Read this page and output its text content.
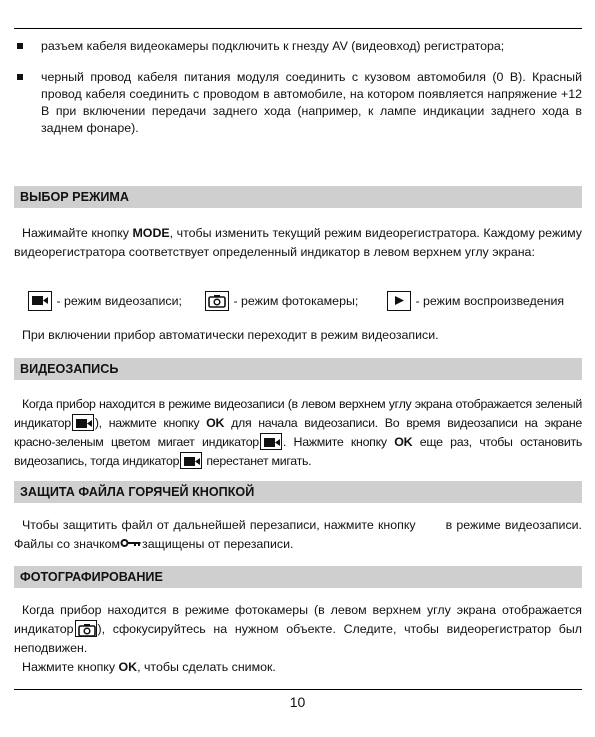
разъем кабеля видеокамеры подключить к гнезду AV (видеовход) регистратора;
черный провод кабеля питания модуля соединить с кузовом автомобиля (0 В). Красный провод кабеля соединить с проводом в автомобиле, на котором появляется напряжение +12 В при включении передачи заднего хода (например, к лампе индикации заднего хода в заднем фонаре).
ВЫБОР РЕЖИМА

Нажимайте кнопку MODE, чтобы изменить текущий режим видеорегистратора. Каждому режиму видеорегистратора соответствует определенный индикатор в левом верхнем углу экрана:

- режим видеозаписи;	- режим фотокамеры;	- режим воспроизведения

При включении прибор автоматически переходит в режим видеозаписи.

ВИДЕОЗАПИСЬ

Когда прибор находится в режиме видеозаписи (в левом верхнем углу экрана отображается зеленый индикатор ), нажмите кнопку OK для начала видеозаписи. Во время видеозаписи на экране красно-зеленым цветом мигает индикатор . Нажмите кнопку OK еще раз, чтобы остановить видеозапись, тогда индикатор
перестанет мигать.

ЗАЩИТА ФАЙЛА ГОРЯЧЕЙ КНОПКОЙ

Чтобы защитить файл от дальнейшей перезаписи, нажмите кнопку в режиме видеозаписи. Файлы со значком защищены от перезаписи.

ФОТОГРАФИРОВАНИЕ

Когда прибор находится в режиме фотокамеры (в левом верхнем углу экрана отображается индикатор ), сфокусируйтесь на нужном объекте. Следите, чтобы видеорегистратор был неподвижен.

Нажмите кнопку OK, чтобы сделать снимок.

10
